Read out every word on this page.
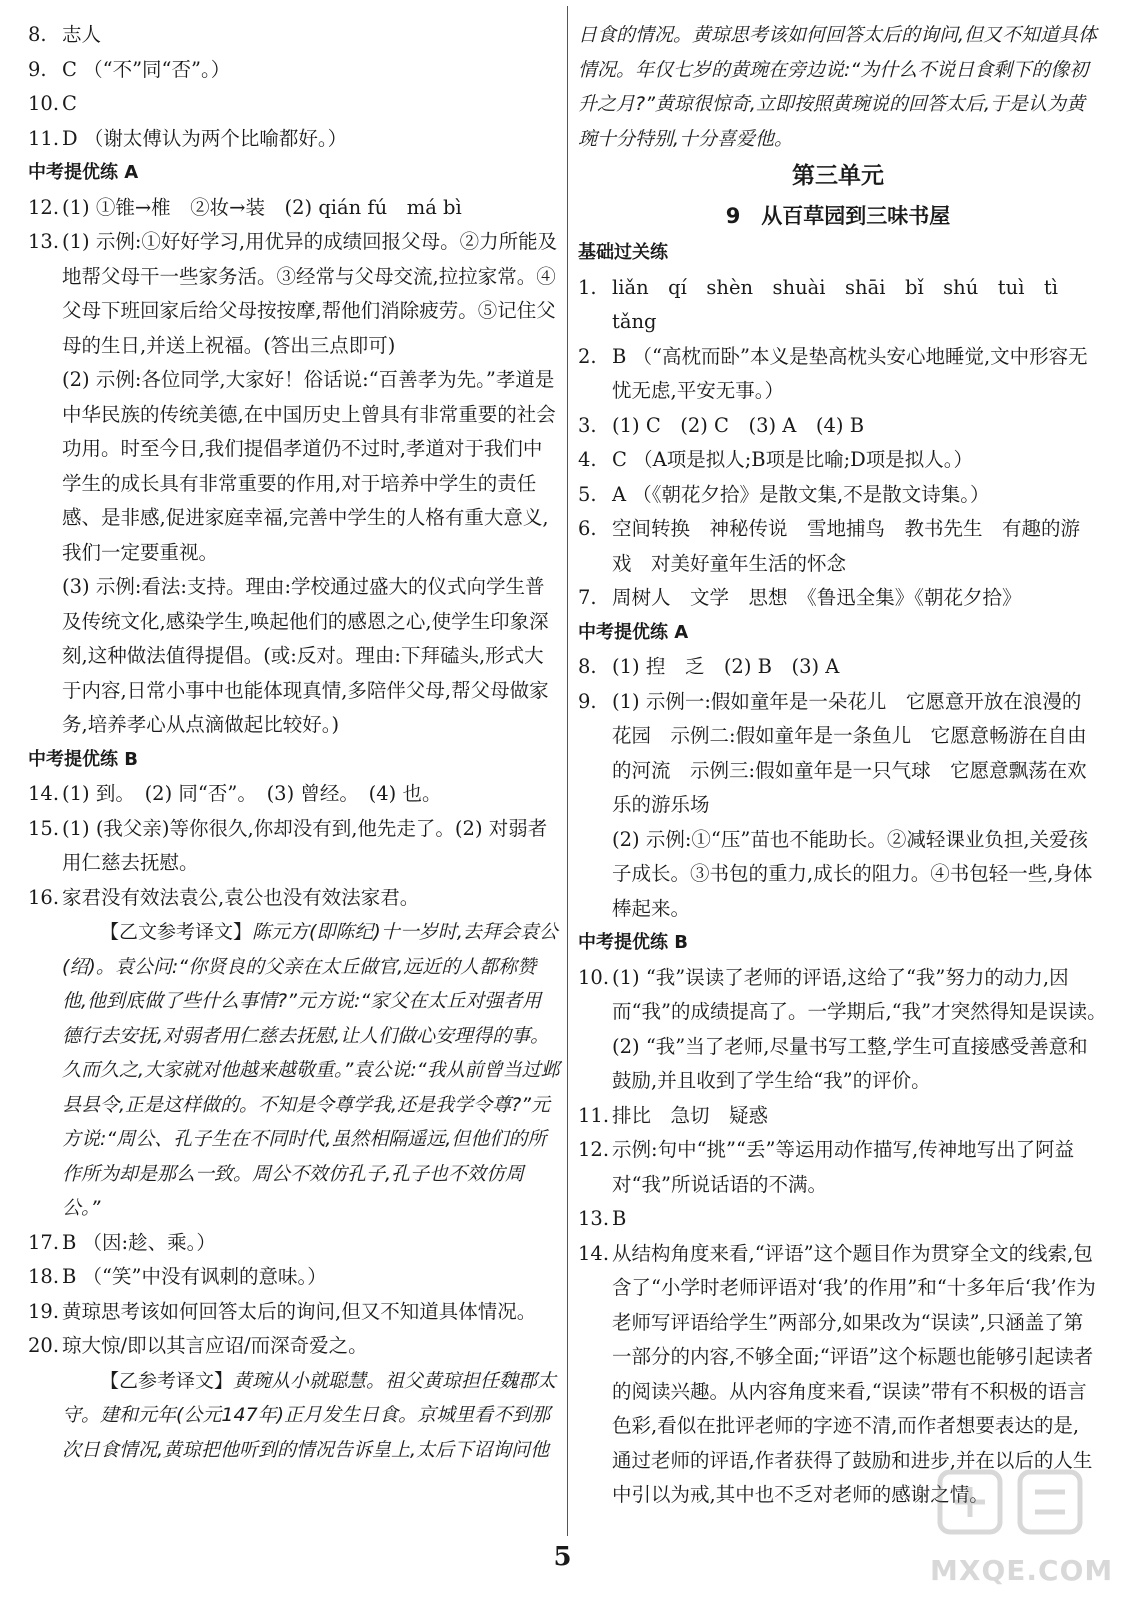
8. 志人
9. C （“不”同“否”。）
10. C
11. D （谢太傅认为两个比喻都好。）
中考提优练 A
12. (1) ①锥→椎　②妆→装　(2) qián fú　má bì
13. (1) 示例:①好好学习,用优异的成绩回报父母。②力所能及地帮父母干一些家务活。③经常与父母交流,拉拉家常。④父母下班回家后给父母按按摩,帮他们消除疲劳。⑤记住父母的生日,并送上祝福。(答出三点即可)
(2) 示例:各位同学,大家好！俗话说:“百善孝为先。”孝道是中华民族的传统美德,在中国历史上曾具有非常重要的社会功用。时至今日,我们提倡孝道仍不过时,孝道对于我们中学生的成长具有非常重要的作用,对于培养中学生的责任感、是非感,促进家庭幸福,完善中学生的人格有重大意义,我们一定要重视。
(3) 示例:看法:支持。理由:学校通过盛大的仪式向学生普及传统文化,感染学生,唤起他们的感恩之心,使学生印象深刻,这种做法值得提倡。(或:反对。理由:下拜磕头,形式大于内容,日常小事中也能体现真情,多陪伴父母,帮父母做家务,培养孝心从点滴做起比较好。)
中考提优练 B
14. (1) 到。　(2) 同“否”。　(3) 曾经。　(4) 也。
15. (1) (我父亲)等你很久,你却没有到,他先走了。(2) 对弱者用仁慈去抚慰。
16. 家君没有效法袁公,袁公也没有效法家君。
【乙文参考译文】陈元方(即陈纪)十一岁时,去拜会袁公(绍)。袁公问:“你贤良的父亲在太丘做官,远近的人都称赞他,他到底做了些什么事情?”元方说:“家父在太丘对强者用德行去安抚,对弱者用仁慈去抚慰,让人们做心安理得的事。久而久之,大家就对他越来越敬重。”袁公说:“我从前曾当过邺县县令,正是这样做的。不知是令尊学我,还是我学令尊?”元方说:“周公、孔子生在不同时代,虽然相隔遥远,但他们的所作所为却是那么一致。周公不效仿孔子,孔子也不效仿周公。”
17. B （因:趁、乘。）
18. B （“笑”中没有讽刺的意味。）
19. 黄琼思考该如何回答太后的询问,但又不知道具体情况。
20. 琼大惊/即以其言应诏/而深奇爱之。
【乙参考译文】黄琬从小就聪慧。祖父黄琼担任魏郡太守。建和元年(公元147年)正月发生日食。京城里看不到那次日食情况,黄琼把他听到的情况告诉皇上,太后下诏询问他
日食的情况。黄琼思考该如何回答太后的询问,但又不知道具体情况。年仅七岁的黄琬在旁边说:“为什么不说日食剩下的像初升之月?”黄琼很惊奇,立即按照黄琬说的回答太后,于是认为黄琬十分特别,十分喜爱他。
第三单元
9　从百草园到三味书屋
基础过关练
1. liǎn　qí　shèn　shuài　shāi　bǐ　shú　tuì　tì tǎng
2. B （“高枕而卧”本义是垫高枕头安心地睡觉,文中形容无忧无虑,平安无事。）
3. (1) C　(2) C　(3) A　(4) B
4. C （A项是拟人;B项是比喻;D项是拟人。）
5. A （《朝花夕拾》是散文集,不是散文诗集。）
6. 空间转换　神秘传说　雪地捕鸟　教书先生　有趣的游戏　对美好童年生活的怀念
7. 周树人　文学　思想　《鲁迅全集》《朝花夕拾》
中考提优练 A
8. (1) 揑　乏　(2) B　(3) A
9. (1) 示例一:假如童年是一朵花儿　它愿意开放在浪漫的花园　示例二:假如童年是一条鱼儿　它愿意畅游在自由的河流　示例三:假如童年是一只气球　它愿意飘荡在欢乐的游乐场
(2) 示例:①“压”苗也不能助长。②减轻课业负担,关爱孩子成长。③书包的重力,成长的阻力。④书包轻一些,身体棒起来。
中考提优练 B
10. (1) “我”误读了老师的评语,这给了“我”努力的动力,因而“我”的成绩提高了。一学期后,“我”才突然得知是误读。　(2) “我”当了老师,尽量书写工整,学生可直接感受善意和鼓励,并且收到了学生给“我”的评价。
11. 排比　急切　疑惑
12. 示例:句中“挑”“丢”等运用动作描写,传神地写出了阿益对“我”所说话语的不满。
13. B
14. 从结构角度来看,“评语”这个题目作为贯穿全文的线索,包含了“小学时老师评语对‘我’的作用”和“十多年后‘我’作为老师写评语给学生”两部分,如果改为“误读”,只涵盖了第一部分的内容,不够全面;“评语”这个标题也能够引起读者的阅读兴趣。从内容角度来看,“误读”带有不积极的语言色彩,看似在批评老师的字迹不清,而作者想要表达的是,通过老师的评语,作者获得了鼓励和进步,并在以后的人生中引以为戒,其中也不乏对老师的感谢之情。
5	MXQE.COM
